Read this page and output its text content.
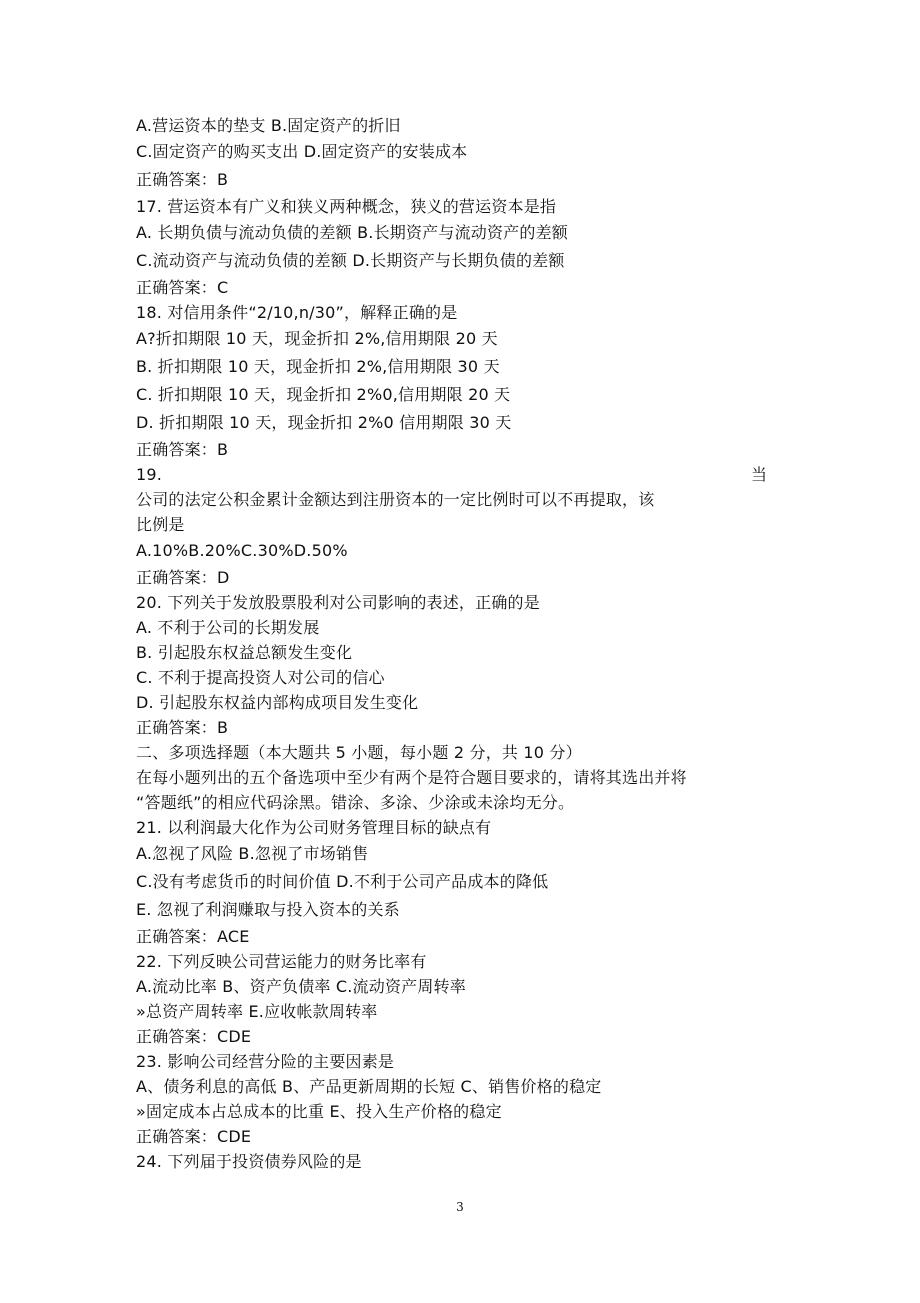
A.营运资本的垫支 B.固定资产的折旧
C.固定资产的购买支出 D.固定资产的安装成本
正确答案：B
17. 营运资本有广义和狭义两种概念，狭义的营运资本是指
A. 长期负债与流动负债的差额 B.长期资产与流动资产的差额
C.流动资产与流动负债的差额 D.长期资产与长期负债的差额
正确答案：C
18. 对信用条件“2/10,n/30”，解释正确的是
A?折扣期限 10 天，现金折扣 2%,信用期限 20 天
B. 折扣期限 10 天，现金折扣 2%,信用期限 30 天
C. 折扣期限 10 天，现金折扣 2%0,信用期限 20 天
D. 折扣期限 10 天，现金折扣 2%0 信用期限 30 天
正确答案：B
19.	当
公司的法定公积金累计金额达到注册资本的一定比例时可以不再提取，该
比例是
A.10%B.20%C.30%D.50%
正确答案：D
20. 下列关于发放股票股利对公司影响的表述，正确的是
A. 不利于公司的长期发展
B. 引起股东权益总额发生变化
C. 不利于提高投资人对公司的信心
D. 引起股东权益内部构成项目发生变化
正确答案：B
二、多项选择题（本大题共 5 小题，每小题 2 分，共 10 分）
在每小题列出的五个备选项中至少有两个是符合题目要求的，请将其选出并将
“答题纸”的相应代码涂黑。错涂、多涂、少涂或未涂均无分。
21. 以利润最大化作为公司财务管理目标的缺点有
A.忽视了风险 B.忽视了市场销售
C.没有考虑货币的时间价值 D.不利于公司产品成本的降低
E. 忽视了利润赚取与投入资本的关系
正确答案：ACE
22. 下列反映公司营运能力的财务比率有
A.流动比率 B、资产负债率 C.流动资产周转率
»总资产周转率 E.应收帐款周转率
正确答案：CDE
23. 影响公司经营分险的主要因素是
A、债务利息的高低 B、产品更新周期的长短 C、销售价格的稳定
»固定成本占总成本的比重 E、投入生产价格的稳定
正确答案：CDE
24. 下列届于投资债券风险的是
3
